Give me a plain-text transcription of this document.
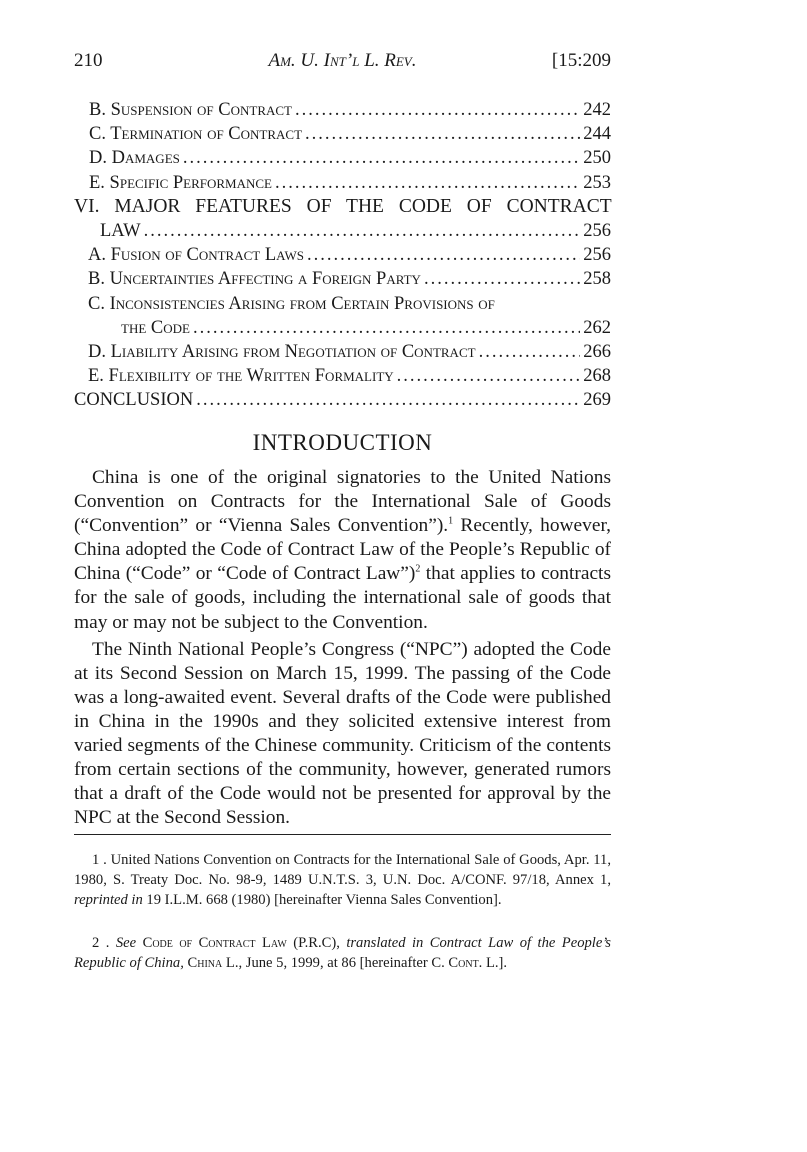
210	Am. U. Int’l L. Rev.	[15:209
B. Suspension of Contract .....	242
C. Termination of Contract .....	244
D. Damages .....	250
E. Specific Performance .....	253
VI. MAJOR FEATURES OF THE CODE OF CONTRACT
LAW .....	256
A. Fusion of Contract Laws .....	256
B. Uncertainties Affecting a Foreign Party .....	258
C. Inconsistencies Arising from Certain Provisions of
the Code .....	262
D. Liability Arising from Negotiation of Contract .....	266
E. Flexibility of the Written Formality .....	268
CONCLUSION .....	269
INTRODUCTION

China is one of the original signatories to the United Nations Convention on Contracts for the International Sale of Goods (“Convention” or “Vienna Sales Convention”).$^1$ Recently, however, China adopted the Code of Contract Law of the People’s Republic of China (“Code” or “Code of Contract Law”)$^2$ that applies to contracts for the sale of goods, including the international sale of goods that may or may not be subject to the Convention.

The Ninth National People’s Congress (“NPC”) adopted the Code at its Second Session on March 15, 1999. The passing of the Code was a long-awaited event. Several drafts of the Code were published in China in the 1990s and they solicited extensive interest from varied segments of the Chinese community. Criticism of the contents from certain sections of the community, however, generated rumors that a draft of the Code would not be presented for approval by the NPC at the Second Session.

1 . United Nations Convention on Contracts for the International Sale of Goods, Apr. 11, 1980, S. Treaty Doc. No. 98-9, 1489 U.N.T.S. 3, U.N. Doc. A/CONF. 97/18, Annex 1, reprinted in 19 I.L.M. 668 (1980) [hereinafter Vienna Sales Convention].

2 . See Code of Contract Law (P.R.C), translated in Contract Law of the People’s Republic of China, China L., June 5, 1999, at 86 [hereinafter C. Cont. L.].
